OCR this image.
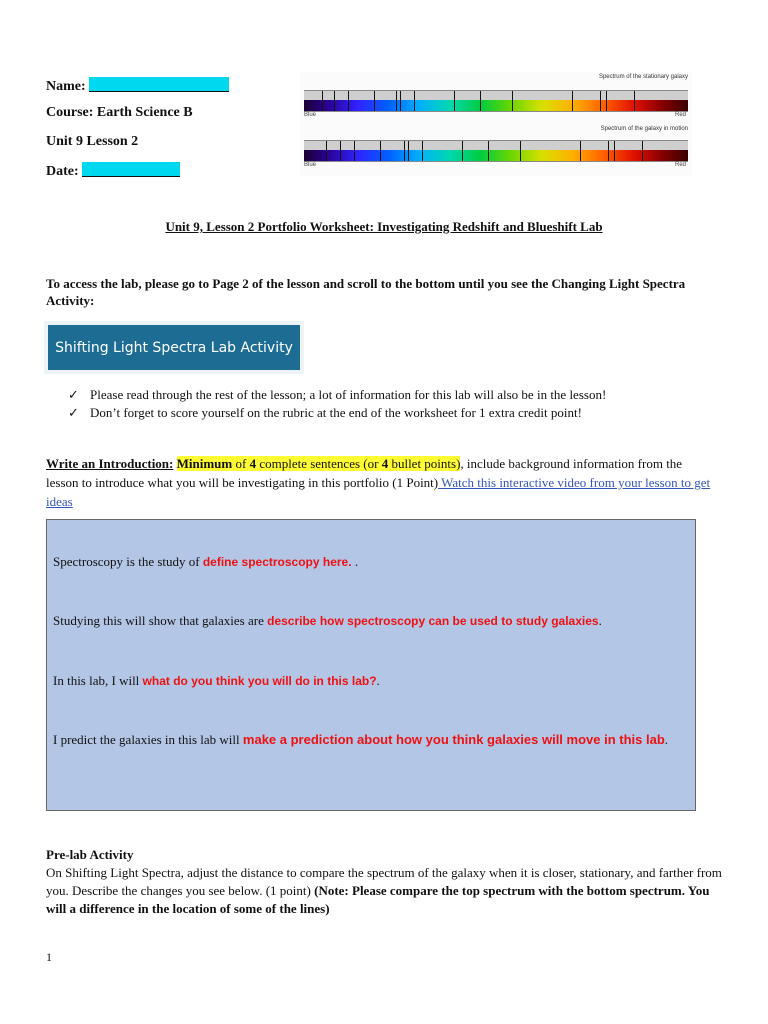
Name:
Course: Earth Science B
Unit 9 Lesson 2
Date:
Spectrum of the stationary galaxy
Blue	Red
Spectrum of the galaxy in motion
Blue	Red
Unit 9, Lesson 2 Portfolio Worksheet: Investigating Redshift and Blueshift Lab
To access the lab, please go to Page 2 of the lesson and scroll to the bottom until you see the Changing Light Spectra Activity:
Shifting Light Spectra Lab Activity
✓ Please read through the rest of the lesson; a lot of information for this lab will also be in the lesson!
✓ Don’t forget to score yourself on the rubric at the end of the worksheet for 1 extra credit point!
Write an Introduction: Minimum of 4 complete sentences (or 4 bullet points), include background information from the lesson to introduce what you will be investigating in this portfolio (1 Point) Watch this interactive video from your lesson to get ideas

Spectroscopy is the study of define spectroscopy here. .

Studying this will show that galaxies are describe how spectroscopy can be used to study galaxies.

In this lab, I will what do you think you will do in this lab?.

I predict the galaxies in this lab will make a prediction about how you think galaxies will move in this lab.

Pre-lab Activity
On Shifting Light Spectra, adjust the distance to compare the spectrum of the galaxy when it is closer, stationary, and farther from you. Describe the changes you see below. (1 point) (Note: Please compare the top spectrum with the bottom spectrum. You will a difference in the location of some of the lines)
1
